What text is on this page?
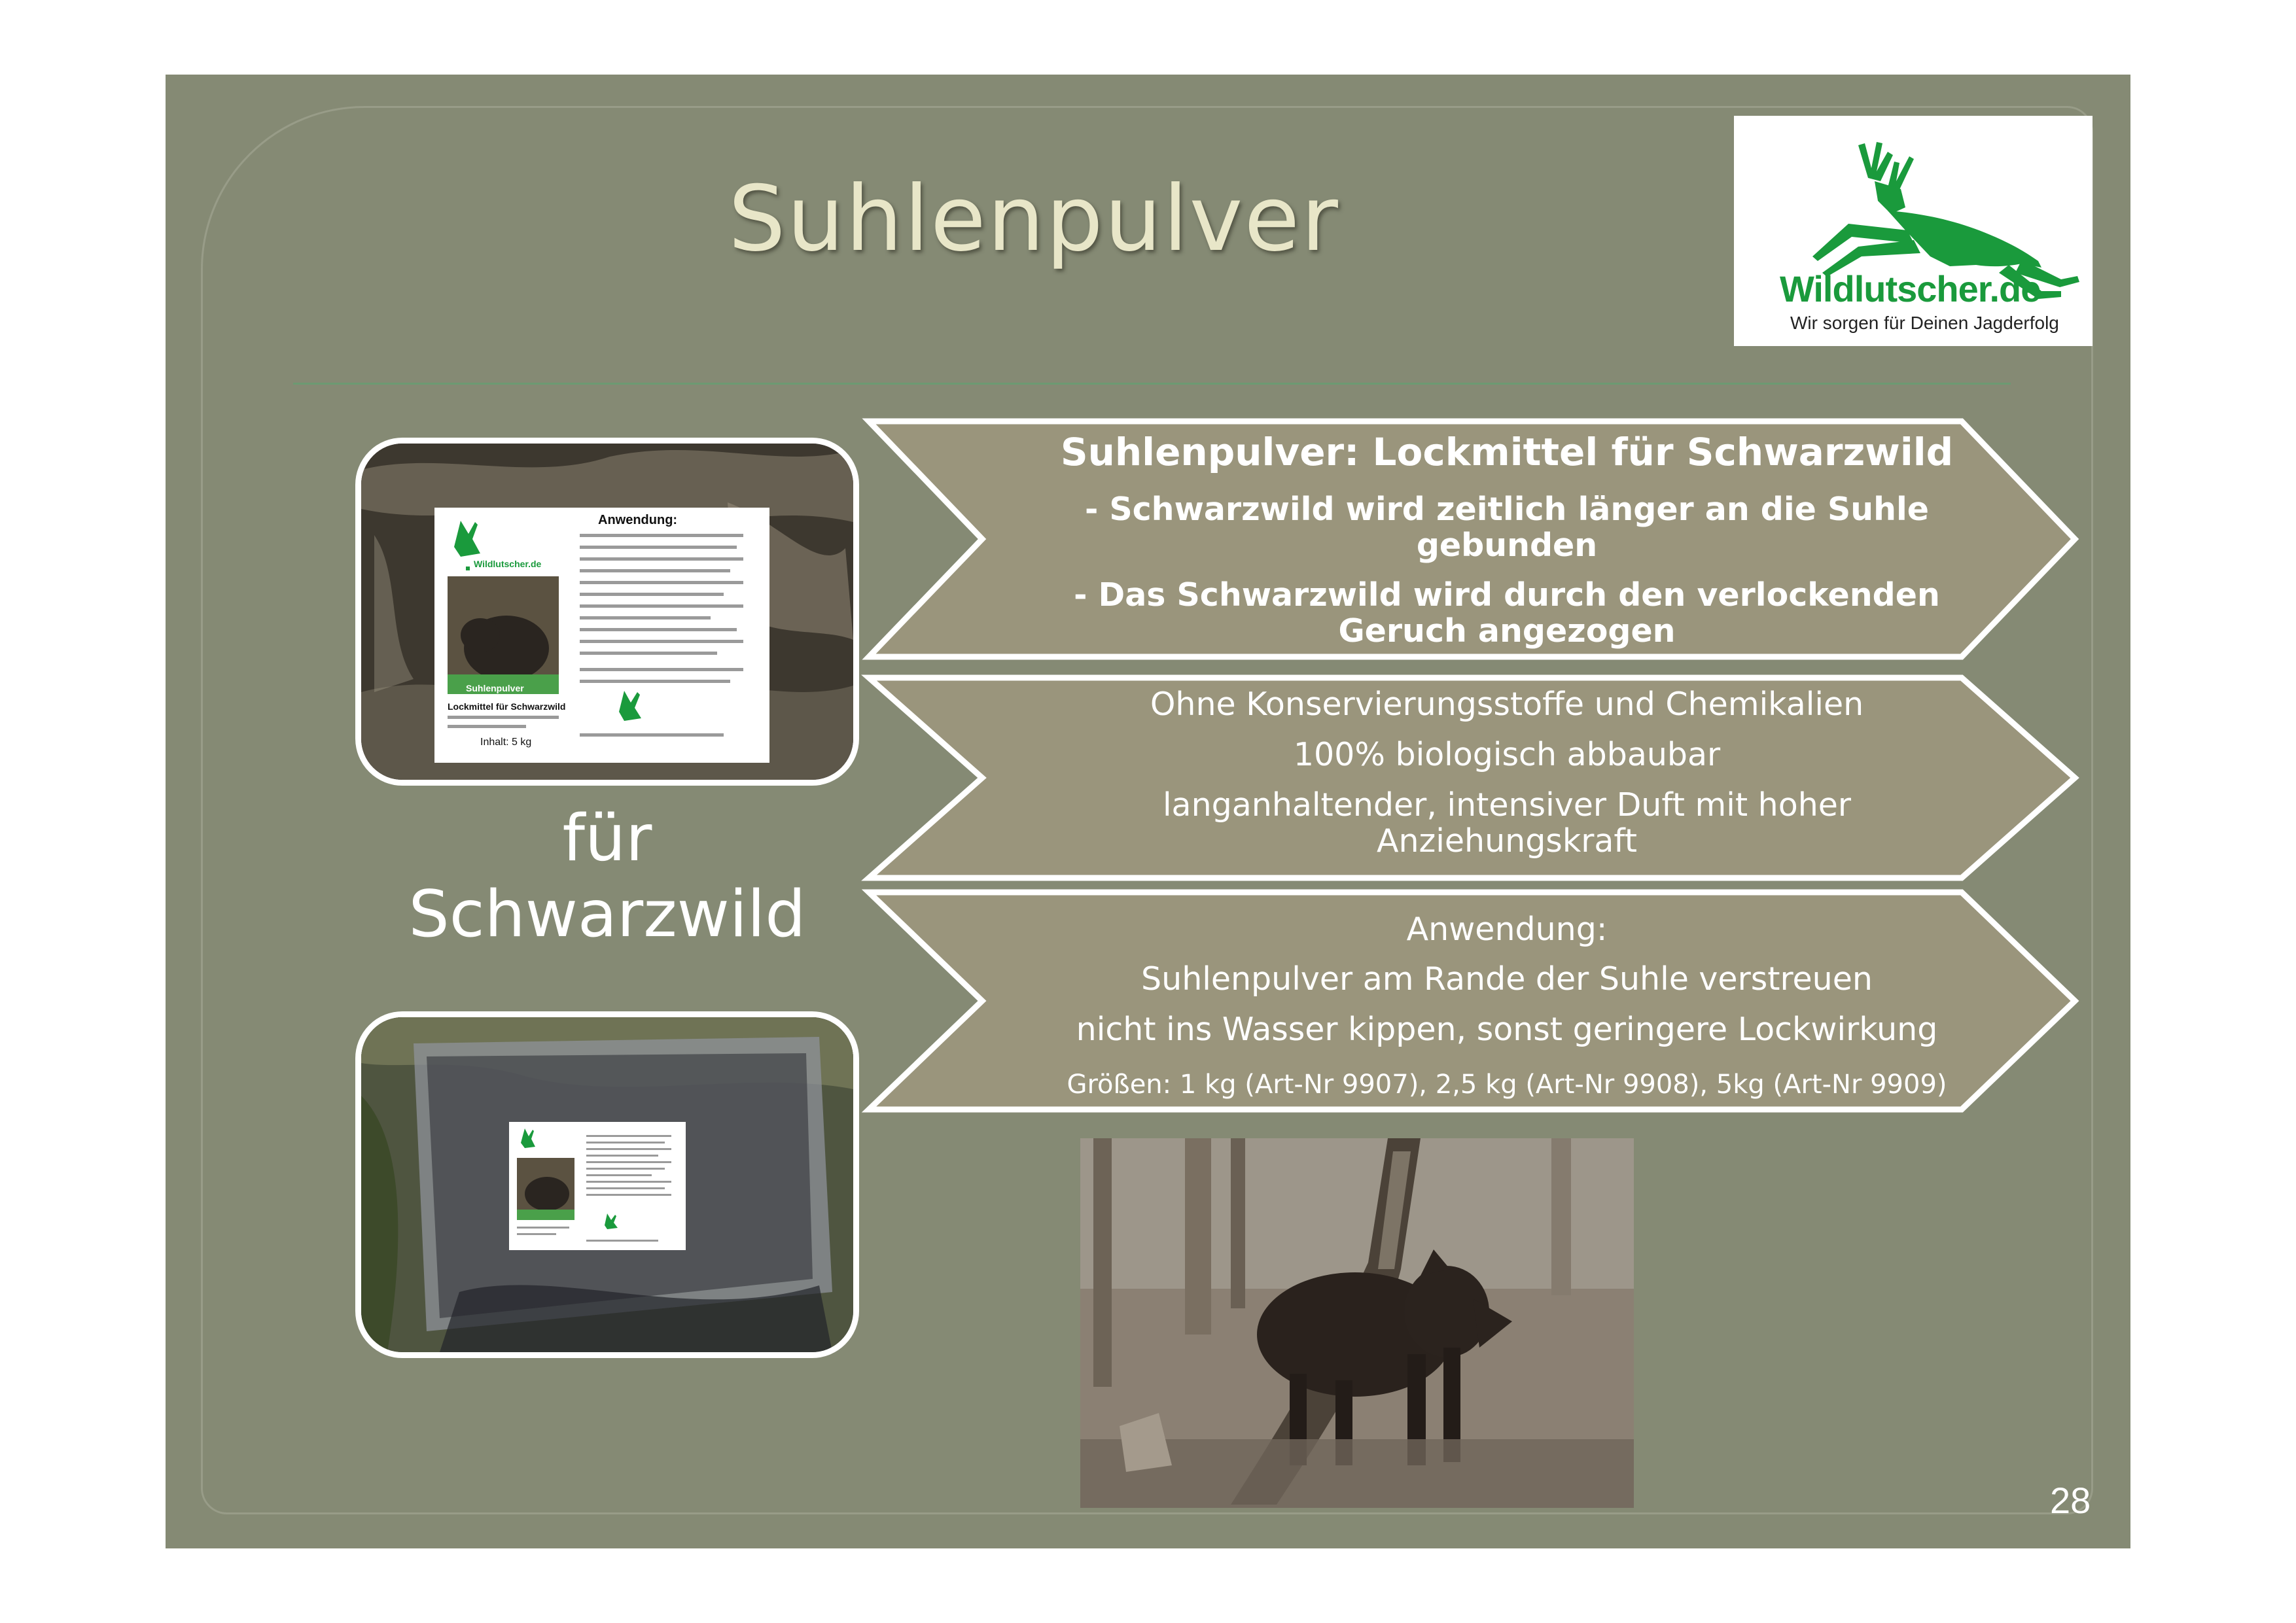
Suhlenpulver
Wildlutscher.de
Wir sorgen für Deinen Jagderfolg
Anwendung:
Suhlenpulver
Lockmittel für Schwarzwild
Inhalt: 5 kg
Wildlutscher.de
für
Schwarzwild
Suhlenpulver: Lockmittel für Schwarzwild
- Schwarzwild wird zeitlich länger an die Suhle
gebunden
- Das Schwarzwild wird durch den verlockenden
Geruch angezogen
Ohne Konservierungsstoffe und Chemikalien
100% biologisch abbaubar
langanhaltender, intensiver Duft mit hoher
Anziehungskraft
Anwendung:
Suhlenpulver am Rande der Suhle verstreuen
nicht ins Wasser kippen, sonst geringere Lockwirkung
Größen: 1 kg (Art-Nr 9907), 2,5 kg (Art-Nr 9908), 5kg (Art-Nr 9909)
28
